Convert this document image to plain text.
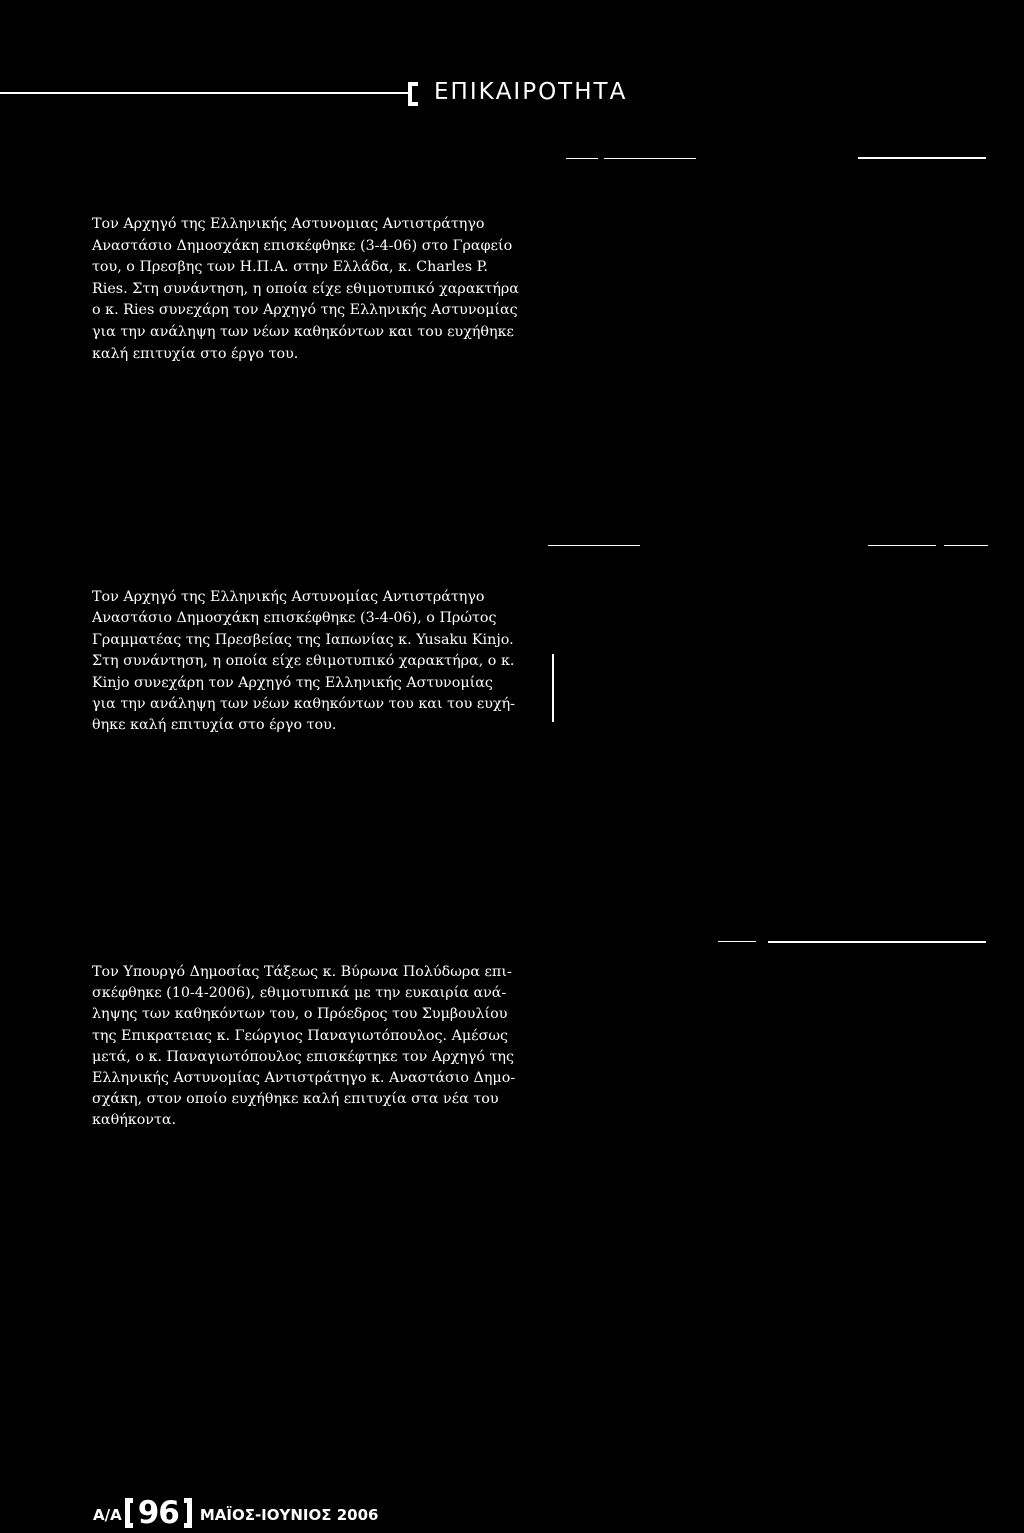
ΕΠΙΚΑΙΡΟΤΗΤΑ

Τον Αρχηγό της Ελληνικής Αστυνομιας Αντιστράτηγο
Αναστάσιο Δημοσχάκη επισκέφθηκε (3-4-06) στο Γραφείο
του, ο Πρεσβης των Η.Π.Α. στην Ελλάδα, κ. Charles P.
Ries. Στη συνάντηση, η οποία είχε εθιμοτυπικό χαρακτήρα
ο κ. Ries συνεχάρη τον Αρχηγό της Ελληνικής Αστυνομίας
για την ανάληψη των νέων καθηκόντων και του ευχήθηκε
καλή επιτυχία στο έργο του.

Τον Αρχηγό της Ελληνικής Αστυνομίας Αντιστράτηγο
Αναστάσιο Δημοσχάκη επισκέφθηκε (3-4-06), ο Πρώτος
Γραμματέας της Πρεσβείας της Ιαπωνίας κ. Yusaku Kinjo.
Στη συνάντηση, η οποία είχε εθιμοτυπικό χαρακτήρα, ο κ.
Kinjo συνεχάρη τον Αρχηγό της Ελληνικής Αστυνομίας
για την ανάληψη των νέων καθηκόντων του και του ευχή-
θηκε καλή επιτυχία στο έργο του.

Τον Υπουργό Δημοσίας Τάξεως κ. Βύρωνα Πολύδωρα επι-
σκέφθηκε (10-4-2006), εθιμοτυπικά με την ευκαιρία ανά-
ληψης των καθηκόντων του, ο Πρόεδρος του Συμβουλίου
της Επικρατειας κ. Γεώργιος Παναγιωτόπουλος. Αμέσως
μετά, ο κ. Παναγιωτόπουλος επισκέφτηκε τον Αρχηγό της
Ελληνικής Αστυνομίας Αντιστράτηγο κ. Αναστάσιο Δημο-
σχάκη, στον οποίο ευχήθηκε καλή επιτυχία στα νέα του
καθήκοντα.

Α/Α 96 ΜΑΪΟΣ-ΙΟΥΝΙΟΣ 2006
